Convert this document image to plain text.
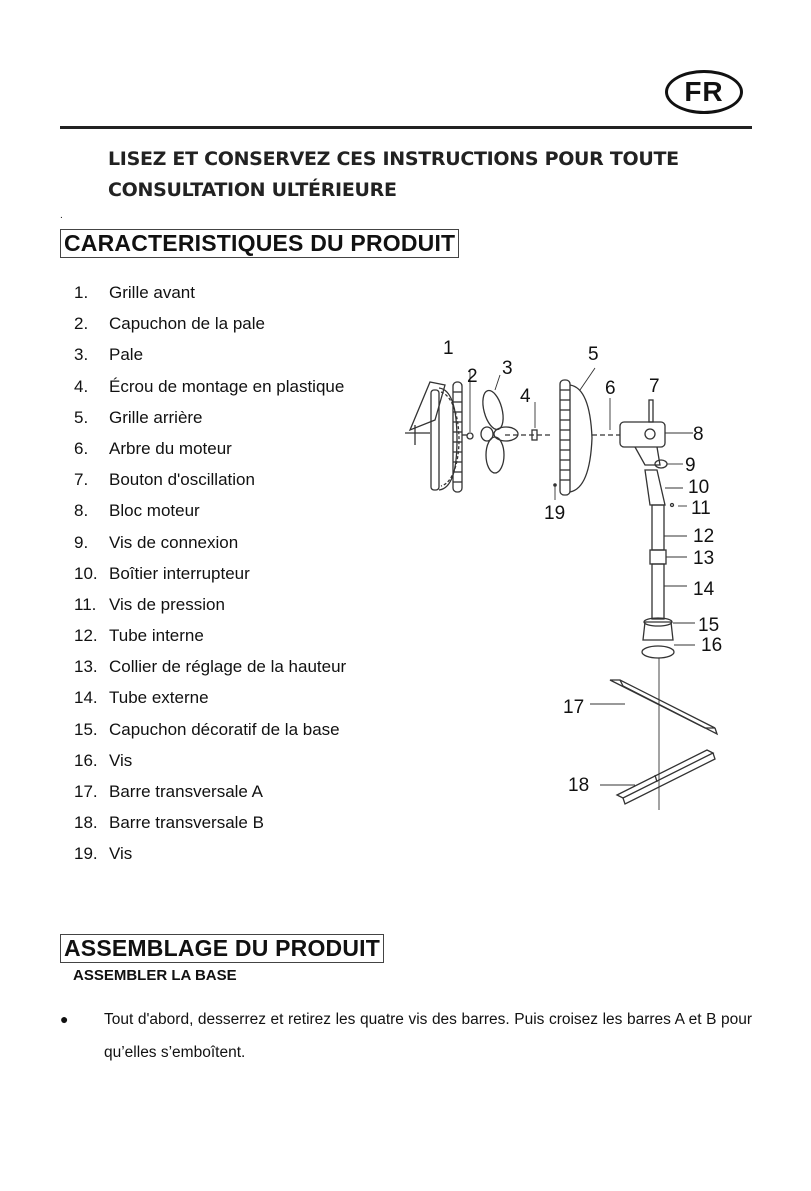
FR
LISEZ ET CONSERVEZ CES INSTRUCTIONS POUR TOUTE
CONSULTATION ULTÉRIEURE
.
CARACTERISTIQUES DU PRODUIT
1.	Grille avant
2.	Capuchon de la pale
3.	Pale
4.	Écrou de montage en plastique
5.	Grille arrière
6.	Arbre du moteur
7.	Bouton d'oscillation
8.	Bloc moteur
9.	Vis de connexion
10. Boîtier interrupteur
11. Vis de pression
12. Tube interne
13. Collier de réglage de la hauteur
14. Tube externe
15. Capuchon décoratif de la base
16. Vis
17. Barre transversale A
18. Barre transversale B
19. Vis
1
2 3
4
5
6 7
8
9
10
11
12
13
14
15
16
17
18
19
ASSEMBLAGE DU PRODUIT
ASSEMBLER LA BASE
● Tout d'abord, desserrez et retirez les quatre vis des barres. Puis croisez les barres A et B pour qu’elles s’emboîtent.
